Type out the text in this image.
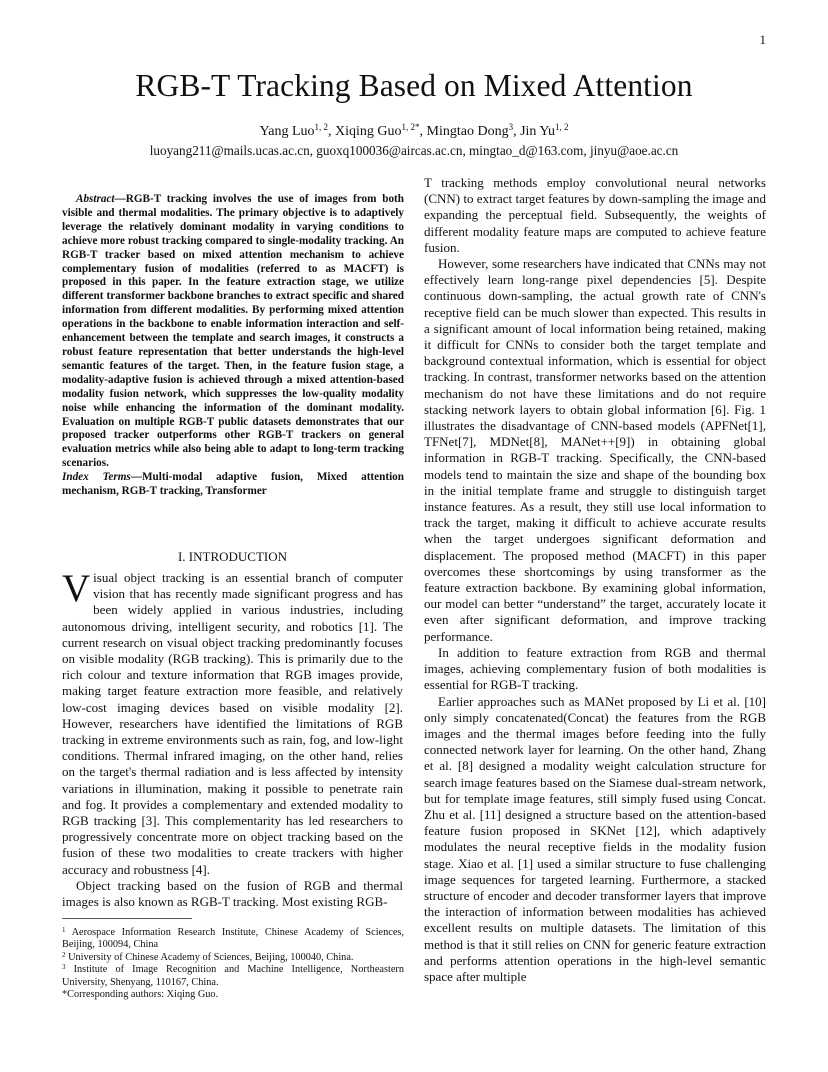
1
RGB-T Tracking Based on Mixed Attention
Yang Luo$^{1, 2}$, Xiqing Guo$^{1, 2*}$, Mingtao Dong$^3$, Jin Yu$^{1, 2}$
luoyang211@mails.ucas.ac.cn, guoxq100036@aircas.ac.cn, mingtao_d@163.com, jinyu@aoe.ac.cn

Abstract—RGB-T tracking involves the use of images from both visible and thermal modalities. The primary objective is to adaptively leverage the relatively dominant modality in varying conditions to achieve more robust tracking compared to single-modality tracking. An RGB-T tracker based on mixed attention mechanism to achieve complementary fusion of modalities (referred to as MACFT) is proposed in this paper. In the feature extraction stage, we utilize different transformer backbone branches to extract specific and shared information from different modalities. By performing mixed attention operations in the backbone to enable information interaction and self-enhancement between the template and search images, it constructs a robust feature representation that better understands the high-level semantic features of the target. Then, in the feature fusion stage, a modality-adaptive fusion is achieved through a mixed attention-based modality fusion network, which suppresses the low-quality modality noise while enhancing the information of the dominant modality. Evaluation on multiple RGB-T public datasets demonstrates that our proposed tracker outperforms other RGB-T trackers on general evaluation metrics while also being able to adapt to long-term tracking scenarios.

Index Terms—Multi-modal adaptive fusion, Mixed attention mechanism, RGB-T tracking, Transformer

I. INTRODUCTION

Visual object tracking is an essential branch of computer vision that has recently made significant progress and has been widely applied in various industries, including autonomous driving, intelligent security, and robotics [1]. The current research on visual object tracking predominantly focuses on visible modality (RGB tracking). This is primarily due to the rich colour and texture information that RGB images provide, making target feature extraction more feasible, and relatively low-cost imaging devices based on visible modality [2]. However, researchers have identified the limitations of RGB tracking in extreme environments such as rain, fog, and low-light conditions. Thermal infrared imaging, on the other hand, relies on the target's thermal radiation and is less affected by intensity variations in illumination, making it possible to penetrate rain and fog. It provides a complementary and extended modality to RGB tracking [3]. This complementarity has led researchers to progressively concentrate more on object tracking based on the fusion of these two modalities to create trackers with higher accuracy and robustness [4].

Object tracking based on the fusion of RGB and thermal images is also known as RGB-T tracking. Most existing RGB-

$^1$ Aerospace Information Research Institute, Chinese Academy of Sciences, Beijing, 100094, China

$^2$ University of Chinese Academy of Sciences, Beijing, 100040, China.

$^3$ Institute of Image Recognition and Machine Intelligence, Northeastern University, Shenyang, 110167, China.

*Corresponding authors: Xiqing Guo.

T tracking methods employ convolutional neural networks (CNN) to extract target features by down-sampling the image and expanding the perceptual field. Subsequently, the weights of different modality feature maps are computed to achieve feature fusion.

However, some researchers have indicated that CNNs may not effectively learn long-range pixel dependencies [5]. Despite continuous down-sampling, the actual growth rate of CNN's receptive field can be much slower than expected. This results in a significant amount of local information being retained, making it difficult for CNNs to consider both the target template and background contextual information, which is essential for object tracking. In contrast, transformer networks based on the attention mechanism do not have these limitations and do not require stacking network layers to obtain global information [6]. Fig. 1 illustrates the disadvantage of CNN-based models (APFNet[1], TFNet[7], MDNet[8], MANet++[9]) in obtaining global information in RGB-T tracking. Specifically, the CNN-based models tend to maintain the size and shape of the bounding box in the initial template frame and struggle to distinguish target instance features. As a result, they still use local information to track the target, making it difficult to achieve accurate results when the target undergoes significant deformation and displacement. The proposed method (MACFT) in this paper overcomes these shortcomings by using transformer as the feature extraction backbone. By examining global information, our model can better “understand” the target, accurately locate it even after significant deformation, and improve tracking performance.

In addition to feature extraction from RGB and thermal images, achieving complementary fusion of both modalities is essential for RGB-T tracking.

Earlier approaches such as MANet proposed by Li et al. [10] only simply concatenated(Concat) the features from the RGB images and the thermal images before feeding into the fully connected network layer for learning. On the other hand, Zhang et al. [8] designed a modality weight calculation structure for search image features based on the Siamese dual-stream network, but for template image features, still simply fused using Concat. Zhu et al. [11] designed a structure based on the attention-based feature fusion proposed in SKNet [12], which adaptively modulates the neural receptive fields in the modality fusion stage. Xiao et al. [1] used a similar structure to fuse challenging image sequences for targeted learning. Furthermore, a stacked structure of encoder and decoder transformer layers that improve the interaction of information between modalities has achieved excellent results on multiple datasets. The limitation of this method is that it still relies on CNN for generic feature extraction and performs attention operations in the high-level semantic space after multiple
